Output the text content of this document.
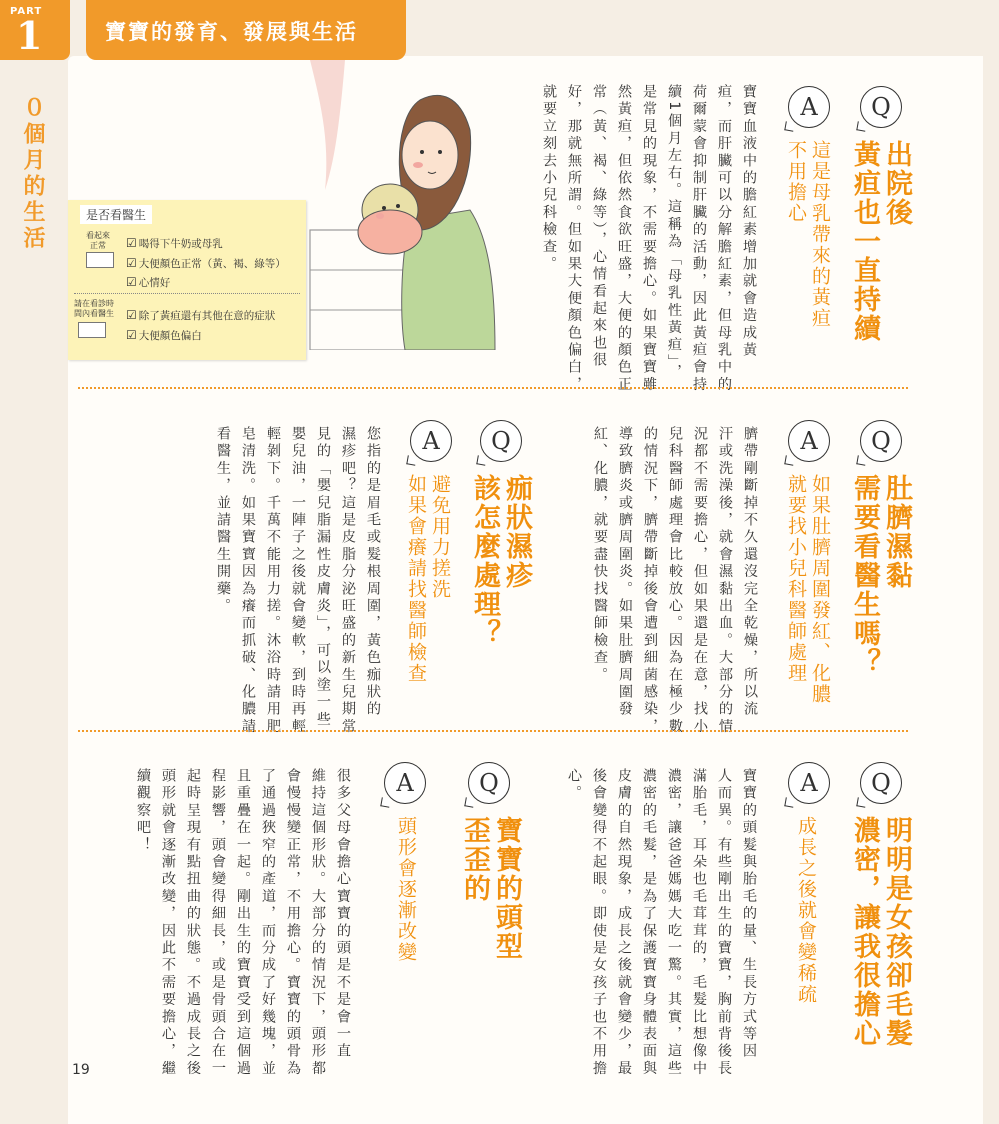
PART
1	寶寶的發育、發展與生活
０個月的生活	Q
出院後
黃疸也一直持續
A
這是母乳帶來的黃疸
不用擔心
寶寶血液中的膽紅素增加就會造成黃
疸，而肝臟可以分解膽紅素，但母乳中的
荷爾蒙會抑制肝臟的活動，因此黃疸會持
續1個月左右。這稱為「母乳性黃疸」，
是常見的現象，不需要擔心。如果寶寶雖
然黃疸，但依然食欲旺盛，大便的顏色正
常（黃、褐、綠等），心情看起來也很
好，那就無所謂。但如果大便顏色偏白，
就要立刻去小兒科檢查。
是否看醫生
看起來
正常	☑ 喝得下牛奶或母乳
☑ 大便顏色正常（黃、褐、綠等）
☑ 心情好
請在看診時
間內看醫生	☑ 除了黃疸還有其他在意的症狀
☑ 大便顏色偏白
Q
肚臍濕黏
需要看醫生嗎？
A
如果肚臍周圍發紅、化膿
就要找小兒科醫師處理
臍帶剛斷掉不久還沒完全乾燥，所以流
汗或洗澡後，就會濕黏出血。大部分的情
況都不需要擔心，但如果還是在意，找小
兒科醫師處理會比較放心。因為在極少數
的情況下，臍帶斷掉後會遭到細菌感染，
導致臍炎或臍周圍炎。如果肚臍周圍發
紅、化膿，就要盡快找醫師檢查。
Q
痂狀濕疹
該怎麼處理？
A
避免用力搓洗
如果會癢請找醫師檢查
您指的是眉毛或髮根周圍，黃色痂狀的
濕疹吧？這是皮脂分泌旺盛的新生兒期常
見的「嬰兒脂漏性皮膚炎」，可以塗一些
嬰兒油，一陣子之後就會變軟，到時再輕
輕剝下。千萬不能用力搓。沐浴時請用肥
皂清洗。如果寶寶因為癢而抓破、化膿請
看醫生，並請醫生開藥。
Q
明明是女孩卻毛髮
濃密，讓我很擔心
A
成長之後就會變稀疏
寶寶的頭髮與胎毛的量、生長方式等因
人而異。有些剛出生的寶寶，胸前背後長
滿胎毛，耳朵也毛茸茸的，毛髮比想像中
濃密，讓爸爸媽媽大吃一驚。其實，這些
濃密的毛髮，是為了保護寶寶身體表面與
皮膚的自然現象，成長之後就會變少，最
後會變得不起眼。即使是女孩子也不用擔
心。
Q
寶寶的頭型
歪歪的
A
頭形會逐漸改變
很多父母會擔心寶寶的頭是不是會一直
維持這個形狀。大部分的情況下，頭形都
會慢慢變正常，不用擔心。寶寶的頭骨為
了通過狹窄的產道，而分成了好幾塊，並
且重疊在一起。剛出生的寶寶受到這個過
程影響，頭會變得細長，或是骨頭合在一
起時呈現有點扭曲的狀態。不過成長之後
頭形就會逐漸改變，因此不需要擔心，繼
續觀察吧！
19
